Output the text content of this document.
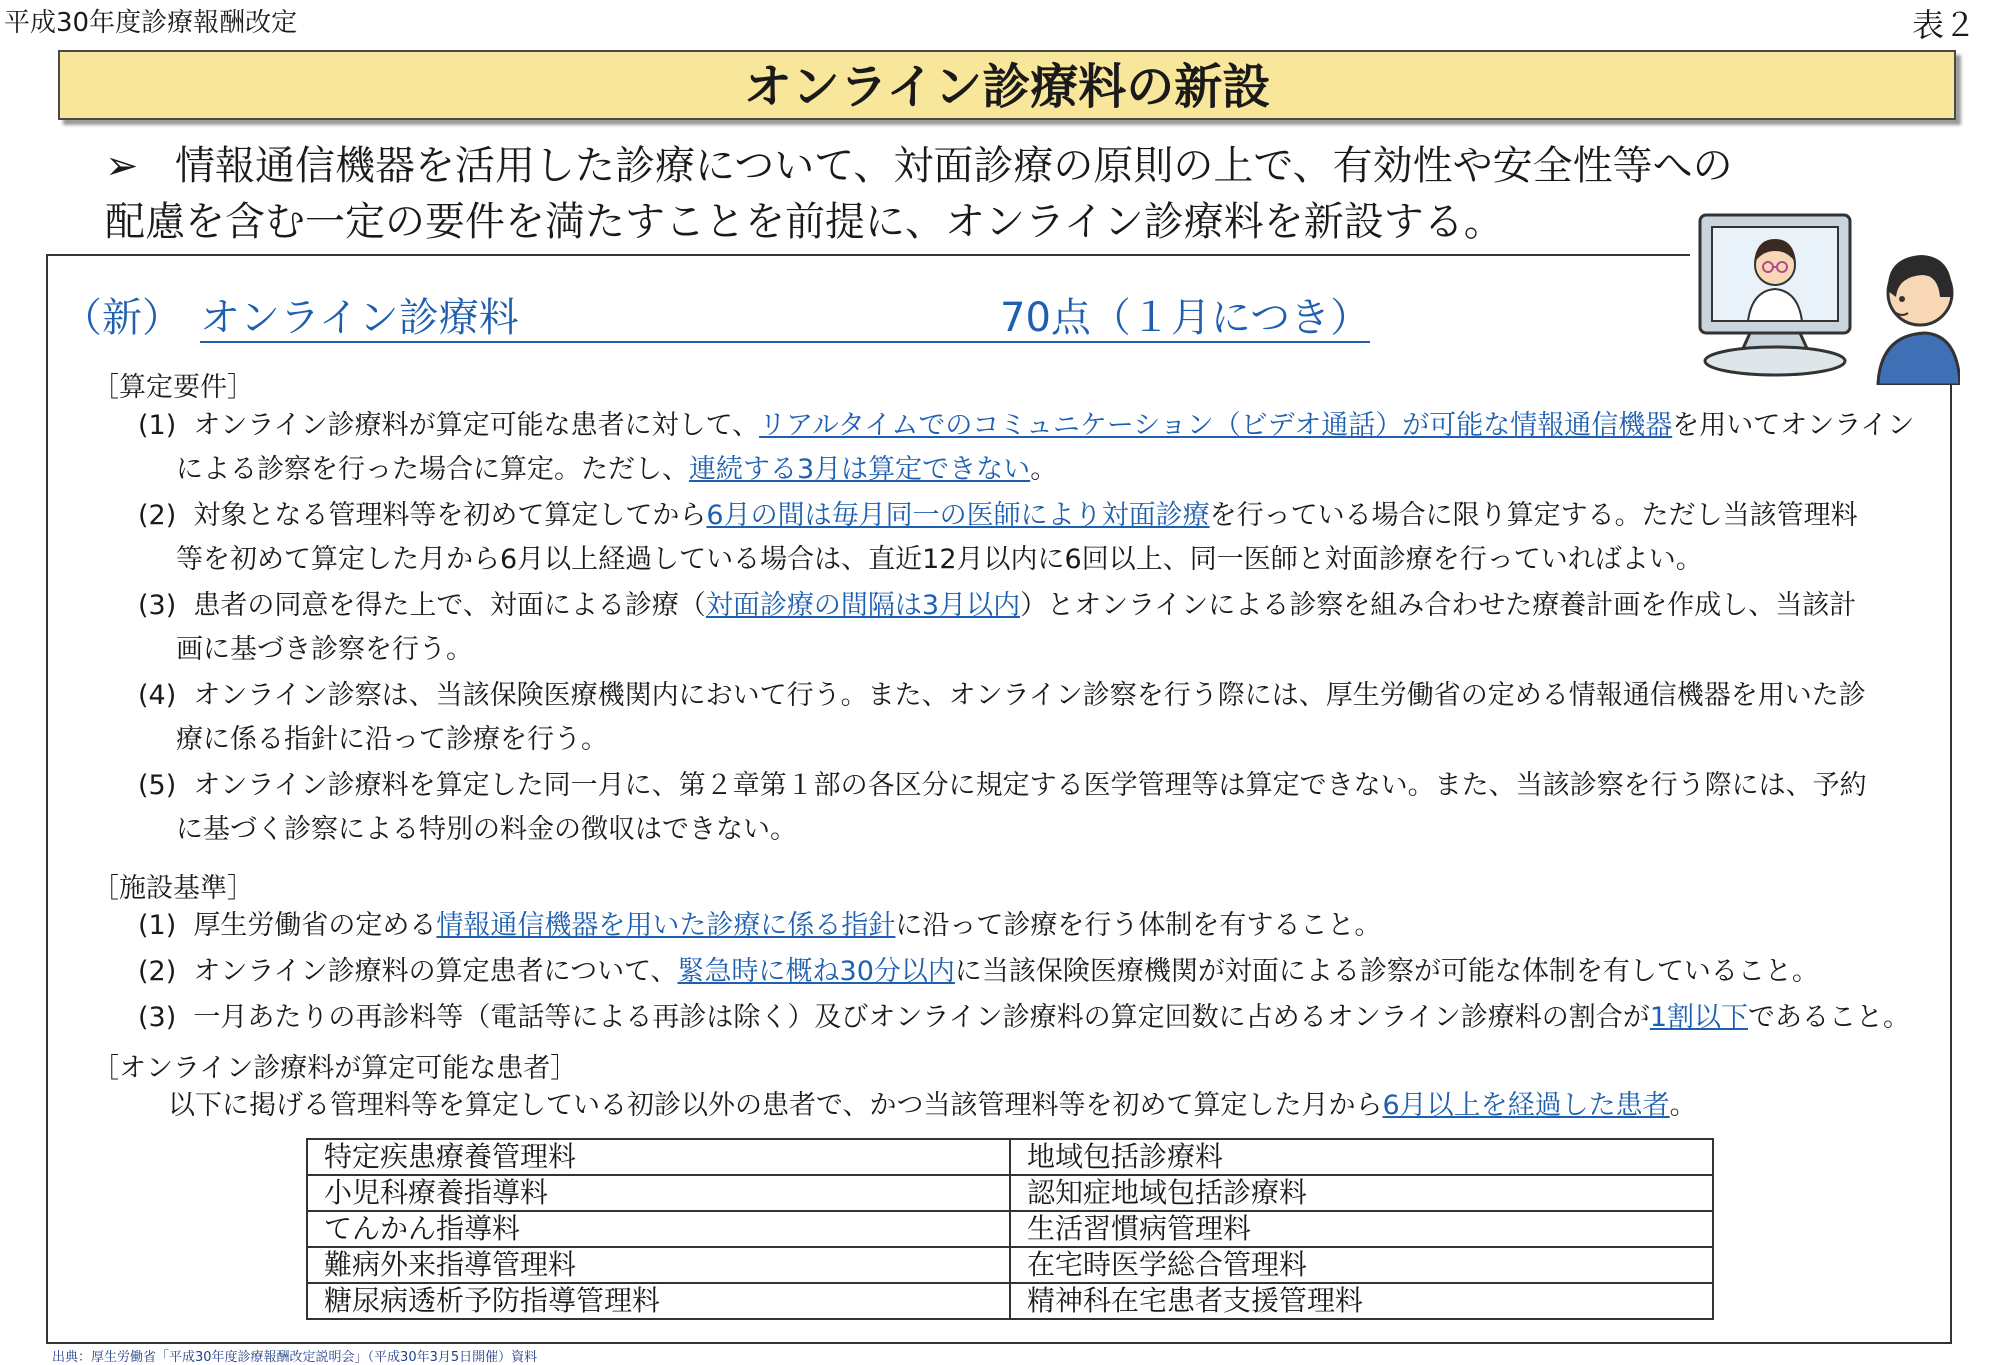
平成30年度診療報酬改定	表２
オンライン診療料の新設
➢ 情報通信機器を活用した診療について、対面診療の原則の上で、有効性や安全性等への
配慮を含む一定の要件を満たすことを前提に、オンライン診療料を新設する。
（新） オンライン診療料	70点（１月につき）
［算定要件］
(1) オンライン診療料が算定可能な患者に対して、リアルタイムでのコミュニケーション（ビデオ通話）が可能な情報通信機器を用いてオンライン
による診察を行った場合に算定。ただし、連続する3月は算定できない。
(2) 対象となる管理料等を初めて算定してから6月の間は毎月同一の医師により対面診療を行っている場合に限り算定する。ただし当該管理料
等を初めて算定した月から6月以上経過している場合は、直近12月以内に6回以上、同一医師と対面診療を行っていればよい。
(3) 患者の同意を得た上で、対面による診療（対面診療の間隔は3月以内）とオンラインによる診察を組み合わせた療養計画を作成し、当該計
画に基づき診察を行う。
(4) オンライン診察は、当該保険医療機関内において行う。また、オンライン診察を行う際には、厚生労働省の定める情報通信機器を用いた診
療に係る指針に沿って診療を行う。
(5) オンライン診療料を算定した同一月に、第２章第１部の各区分に規定する医学管理等は算定できない。また、当該診察を行う際には、予約
に基づく診察による特別の料金の徴収はできない。
［施設基準］
(1) 厚生労働省の定める情報通信機器を用いた診療に係る指針に沿って診療を行う体制を有すること。
(2) オンライン診療料の算定患者について、緊急時に概ね30分以内に当該保険医療機関が対面による診察が可能な体制を有していること。
(3) 一月あたりの再診料等（電話等による再診は除く）及びオンライン診療料の算定回数に占めるオンライン診療料の割合が1割以下であること。
［オンライン診療料が算定可能な患者］
以下に掲げる管理料等を算定している初診以外の患者で、かつ当該管理料等を初めて算定した月から6月以上を経過した患者。
特定疾患療養管理料	地域包括診療料
小児科療養指導料	認知症地域包括診療料
てんかん指導料	生活習慣病管理料
難病外来指導管理料	在宅時医学総合管理料
糖尿病透析予防指導管理料	精神科在宅患者支援管理料
出典：厚生労働省「平成30年度診療報酬改定説明会」（平成30年3月5日開催）資料
